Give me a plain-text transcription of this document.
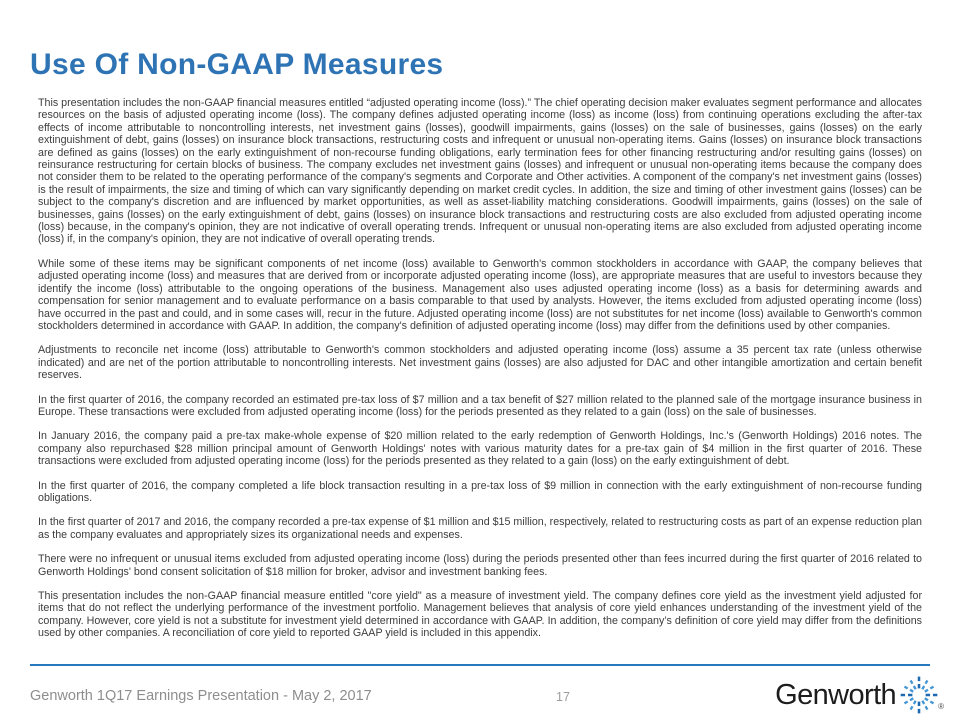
Use Of Non-GAAP Measures

This presentation includes the non-GAAP financial measures entitled “adjusted operating income (loss).” The chief operating decision maker evaluates segment performance and allocates resources on the basis of adjusted operating income (loss). The company defines adjusted operating income (loss) as income (loss) from continuing operations excluding the after-tax effects of income attributable to noncontrolling interests, net investment gains (losses), goodwill impairments, gains (losses) on the sale of businesses, gains (losses) on the early extinguishment of debt, gains (losses) on insurance block transactions, restructuring costs and infrequent or unusual non-operating items. Gains (losses) on insurance block transactions are defined as gains (losses) on the early extinguishment of non-recourse funding obligations, early termination fees for other financing restructuring and/or resulting gains (losses) on reinsurance restructuring for certain blocks of business. The company excludes net investment gains (losses) and infrequent or unusual non-operating items because the company does not consider them to be related to the operating performance of the company's segments and Corporate and Other activities. A component of the company's net investment gains (losses) is the result of impairments, the size and timing of which can vary significantly depending on market credit cycles. In addition, the size and timing of other investment gains (losses) can be subject to the company's discretion and are influenced by market opportunities, as well as asset-liability matching considerations. Goodwill impairments, gains (losses) on the sale of businesses, gains (losses) on the early extinguishment of debt, gains (losses) on insurance block transactions and restructuring costs are also excluded from adjusted operating income (loss) because, in the company's opinion, they are not indicative of overall operating trends. Infrequent or unusual non-operating items are also excluded from adjusted operating income (loss) if, in the company's opinion, they are not indicative of overall operating trends.

While some of these items may be significant components of net income (loss) available to Genworth's common stockholders in accordance with GAAP, the company believes that adjusted operating income (loss) and measures that are derived from or incorporate adjusted operating income (loss), are appropriate measures that are useful to investors because they identify the income (loss) attributable to the ongoing operations of the business. Management also uses adjusted operating income (loss) as a basis for determining awards and compensation for senior management and to evaluate performance on a basis comparable to that used by analysts. However, the items excluded from adjusted operating income (loss) have occurred in the past and could, and in some cases will, recur in the future. Adjusted operating income (loss) are not substitutes for net income (loss) available to Genworth's common stockholders determined in accordance with GAAP. In addition, the company's definition of adjusted operating income (loss) may differ from the definitions used by other companies.

Adjustments to reconcile net income (loss) attributable to Genworth's common stockholders and adjusted operating income (loss) assume a 35 percent tax rate (unless otherwise indicated) and are net of the portion attributable to noncontrolling interests. Net investment gains (losses) are also adjusted for DAC and other intangible amortization and certain benefit reserves.

In the first quarter of 2016, the company recorded an estimated pre-tax loss of $7 million and a tax benefit of $27 million related to the planned sale of the mortgage insurance business in Europe. These transactions were excluded from adjusted operating income (loss) for the periods presented as they related to a gain (loss) on the sale of businesses.

In January 2016, the company paid a pre-tax make-whole expense of $20 million related to the early redemption of Genworth Holdings, Inc.'s (Genworth Holdings) 2016 notes. The company also repurchased $28 million principal amount of Genworth Holdings' notes with various maturity dates for a pre-tax gain of $4 million in the first quarter of 2016. These transactions were excluded from adjusted operating income (loss) for the periods presented as they related to a gain (loss) on the early extinguishment of debt.

In the first quarter of 2016, the company completed a life block transaction resulting in a pre-tax loss of $9 million in connection with the early extinguishment of non-recourse funding obligations.

In the first quarter of 2017 and 2016, the company recorded a pre-tax expense of $1 million and $15 million, respectively, related to restructuring costs as part of an expense reduction plan as the company evaluates and appropriately sizes its organizational needs and expenses.

There were no infrequent or unusual items excluded from adjusted operating income (loss) during the periods presented other than fees incurred during the first quarter of 2016 related to Genworth Holdings' bond consent solicitation of $18 million for broker, advisor and investment banking fees.

This presentation includes the non-GAAP financial measure entitled "core yield" as a measure of investment yield. The company defines core yield as the investment yield adjusted for items that do not reflect the underlying performance of the investment portfolio. Management believes that analysis of core yield enhances understanding of the investment yield of the company. However, core yield is not a substitute for investment yield determined in accordance with GAAP. In addition, the company’s definition of core yield may differ from the definitions used by other companies. A reconciliation of core yield to reported GAAP yield is included in this appendix.

Genworth 1Q17 Earnings Presentation - May 2, 2017	17	Genworth	®
